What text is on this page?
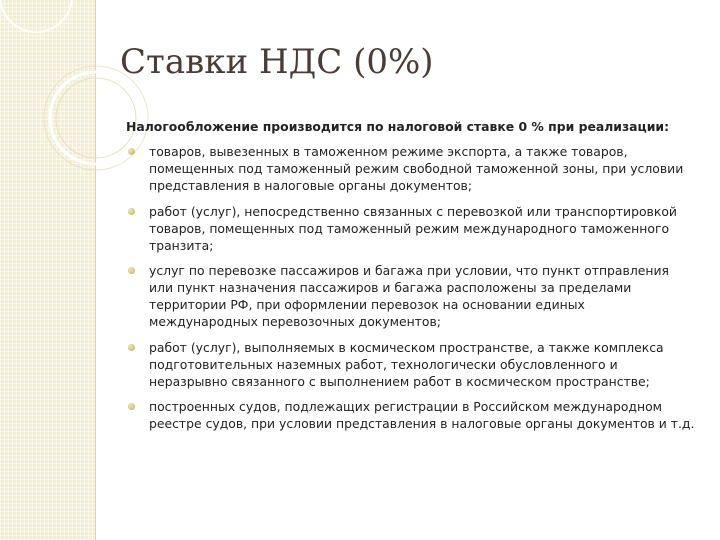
Ставки НДС (0%)

Налогообложение производится по налоговой ставке 0 % при реализации:

товаров, вывезенных в таможенном режиме экспорта, а также товаров, помещенных под таможенный режим свободной таможенной зоны, при условии представления в налоговые органы документов;
работ (услуг), непосредственно связанных с перевозкой или транспортировкой товаров, помещенных под таможенный режим международного таможенного транзита;
услуг по перевозке пассажиров и багажа при условии, что пункт отправления или пункт назначения пассажиров и багажа расположены за пределами территории РФ, при оформлении перевозок на основании единых международных перевозочных документов;
работ (услуг), выполняемых в космическом пространстве, а также комплекса подготовительных наземных работ, технологически обусловленного и неразрывно связанного с выполнением работ в космическом пространстве;
построенных судов, подлежащих регистрации в Российском международном реестре судов, при условии представления в налоговые органы документов и т.д.
